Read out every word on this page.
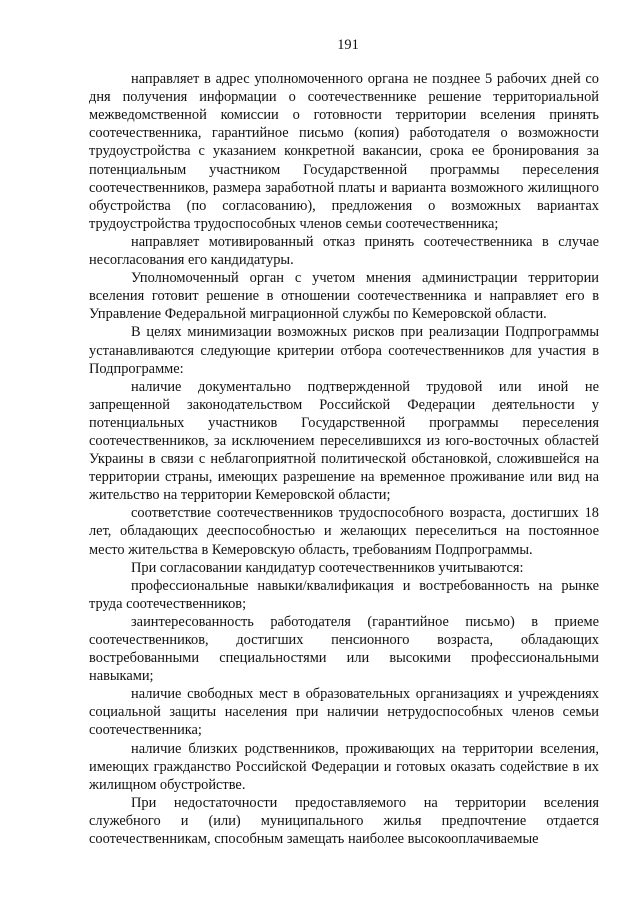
191

направляет в адрес уполномоченного органа не позднее 5 рабочих дней со дня получения информации о соотечественнике решение территориальной межведомственной комиссии о готовности территории вселения принять соотечественника, гарантийное письмо (копия) работодателя о возможности трудоустройства с указанием конкретной вакансии, срока ее бронирования за потенциальным участником Государственной программы переселения соотечественников, размера заработной платы и варианта возможного жилищного обустройства (по согласованию), предложения о возможных вариантах трудоустройства трудоспособных членов семьи соотечественника;

направляет мотивированный отказ принять соотечественника в случае несогласования его кандидатуры.

Уполномоченный орган с учетом мнения администрации территории вселения готовит решение в отношении соотечественника и направляет его в Управление Федеральной миграционной службы по Кемеровской области.

В целях минимизации возможных рисков при реализации Подпрограммы устанавливаются следующие критерии отбора соотечественников для участия в Подпрограмме:

наличие документально подтвержденной трудовой или иной не запрещенной законодательством Российской Федерации деятельности у потенциальных участников Государственной программы переселения соотечественников, за исключением переселившихся из юго-восточных областей Украины в связи с неблагоприятной политической обстановкой, сложившейся на территории страны, имеющих разрешение на временное проживание или вид на жительство на территории Кемеровской области;

соответствие соотечественников трудоспособного возраста, достигших 18 лет, обладающих дееспособностью и желающих переселиться на постоянное место жительства в Кемеровскую область, требованиям Подпрограммы.

При согласовании кандидатур соотечественников учитываются:

профессиональные навыки/квалификация и востребованность на рынке труда соотечественников;

заинтересованность работодателя (гарантийное письмо) в приеме соотечественников, достигших пенсионного возраста, обладающих востребованными специальностями или высокими профессиональными навыками;

наличие свободных мест в образовательных организациях и учреждениях социальной защиты населения при наличии нетрудоспособных членов семьи соотечественника;

наличие близких родственников, проживающих на территории вселения, имеющих гражданство Российской Федерации и готовых оказать содействие в их жилищном обустройстве.

При недостаточности предоставляемого на территории вселения служебного и (или) муниципального жилья предпочтение отдается соотечественникам, способным замещать наиболее высокооплачиваемые
